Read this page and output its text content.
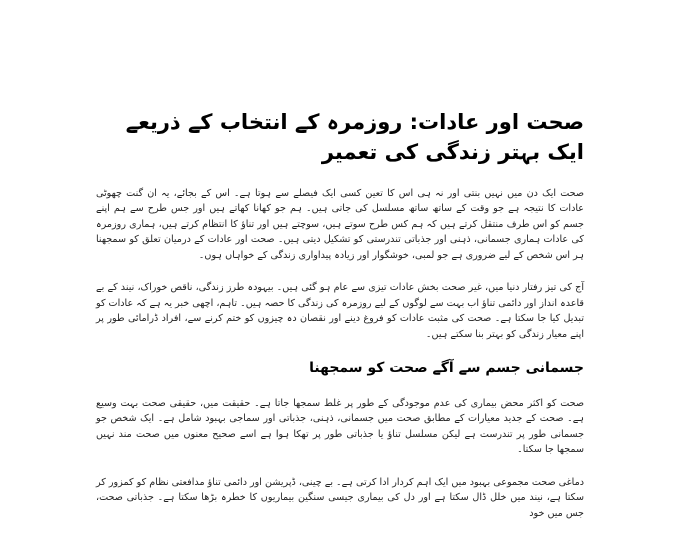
صحت اور عادات: روزمرہ کے انتخاب کے ذریعے ایک بہتر زندگی کی تعمیر

صحت ایک دن میں نہیں بنتی اور نہ ہی اس کا تعین کسی ایک فیصلے سے ہوتا ہے۔ اس کے بجائے، یہ ان گنت چھوٹی عادات کا نتیجہ ہے جو وقت کے ساتھ ساتھ مسلسل کی جاتی ہیں۔ ہم جو کھانا کھاتے ہیں اور جس طرح سے ہم اپنے جسم کو اس طرف منتقل کرتے ہیں کہ ہم کس طرح سوتے ہیں، سوچتے ہیں اور تناؤ کا انتظام کرتے ہیں، ہماری روزمرہ کی عادات ہماری جسمانی، ذہنی اور جذباتی تندرستی کو تشکیل دیتی ہیں۔ صحت اور عادات کے درمیان تعلق کو سمجھنا ہر اس شخص کے لیے ضروری ہے جو لمبی، خوشگوار اور زیادہ پیداواری زندگی کے خواہاں ہوں۔

آج کی تیز رفتار دنیا میں، غیر صحت بخش عادات تیزی سے عام ہو گئی ہیں۔ بیہودہ طرز زندگی، ناقص خوراک، نیند کے بے قاعدہ انداز اور دائمی تناؤ اب بہت سے لوگوں کے لیے روزمرہ کی زندگی کا حصہ ہیں۔ تاہم، اچھی خبر یہ ہے کہ عادات کو تبدیل کیا جا سکتا ہے۔ صحت کی مثبت عادات کو فروغ دینے اور نقصان دہ چیزوں کو ختم کرنے سے، افراد ڈرامائی طور پر اپنے معیار زندگی کو بہتر بنا سکتے ہیں۔

جسمانی جسم سے آگے صحت کو سمجھنا

صحت کو اکثر محض بیماری کی عدم موجودگی کے طور پر غلط سمجھا جاتا ہے۔ حقیقت میں، حقیقی صحت بہت وسیع ہے۔ صحت کے جدید معیارات کے مطابق صحت میں جسمانی، ذہنی، جذباتی اور سماجی بہبود شامل ہے۔ ایک شخص جو جسمانی طور پر تندرست ہے لیکن مسلسل تناؤ یا جذباتی طور پر تھکا ہوا ہے اسے صحیح معنوں میں صحت مند نہیں سمجھا جا سکتا۔

دماغی صحت مجموعی بہبود میں ایک اہم کردار ادا کرتی ہے۔ بے چینی، ڈپریشن اور دائمی تناؤ مدافعتی نظام کو کمزور کر سکتا ہے، نیند میں خلل ڈال سکتا ہے اور دل کی بیماری جیسی سنگین بیماریوں کا خطرہ بڑھا سکتا ہے۔ جذباتی صحت، جس میں خود
